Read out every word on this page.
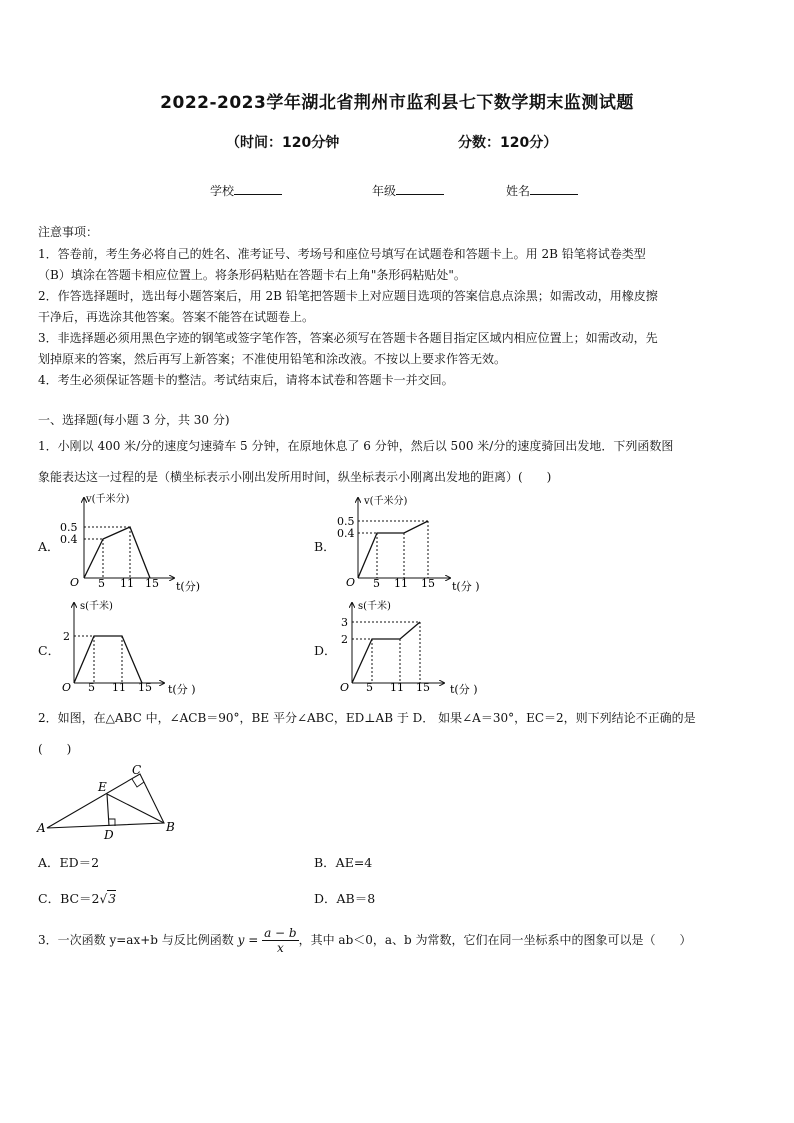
2022-2023学年湖北省荆州市监利县七下数学期末监测试题
（时间：120分钟	分数：120分）
学校	年级	姓名
注意事项：
1．答卷前，考生务必将自己的姓名、准考证号、考场号和座位号填写在试题卷和答题卡上。用 2B 铅笔将试卷类型
（B）填涂在答题卡相应位置上。将条形码粘贴在答题卡右上角"条形码粘贴处"。
2．作答选择题时，选出每小题答案后，用 2B 铅笔把答题卡上对应题目选项的答案信息点涂黑；如需改动，用橡皮擦
干净后，再选涂其他答案。答案不能答在试题卷上。
3．非选择题必须用黑色字迹的钢笔或签字笔作答，答案必须写在答题卡各题目指定区域内相应位置上；如需改动，先
划掉原来的答案，然后再写上新答案；不准使用铅笔和涂改液。不按以上要求作答无效。
4．考生必须保证答题卡的整洁。考试结束后，请将本试卷和答题卡一并交回。
一、选择题(每小题 3 分，共 30 分)
1．小刚以 400 米/分的速度匀速骑车 5 分钟，在原地休息了 6 分钟，然后以 500 米/分的速度骑回出发地．下列函数图
象能表达这一过程的是（横坐标表示小刚出发所用时间，纵坐标表示小刚离出发地的距离）(　　)
A．	B．
C．	D．
v(千米分)
t(分)
O
0.5
0.4
5 11 15
v(千米分)
t(分 )
O
0.5
0.4
5 11 15
s(千米)
t(分 )
O
2
5 11 15
s(千米)
t(分 )
O
3
2
5 11 15
2．如图，在△ABC 中，∠ACB＝90°，BE 平分∠ABC，ED⊥AB 于 D． 如果∠A＝30°，EC＝2，则下列结论不正确的是
(　　)
A	B
C
D
E
A．ED＝2	B．AE=4
C．BC＝2√3	D．AB＝8
3．一次函数 y=ax+b 与反比例函数 $y = \frac{a - b}{x}$ ，其中 ab＜0，a、b 为常数，它们在同一坐标系中的图象可以是（　　）
